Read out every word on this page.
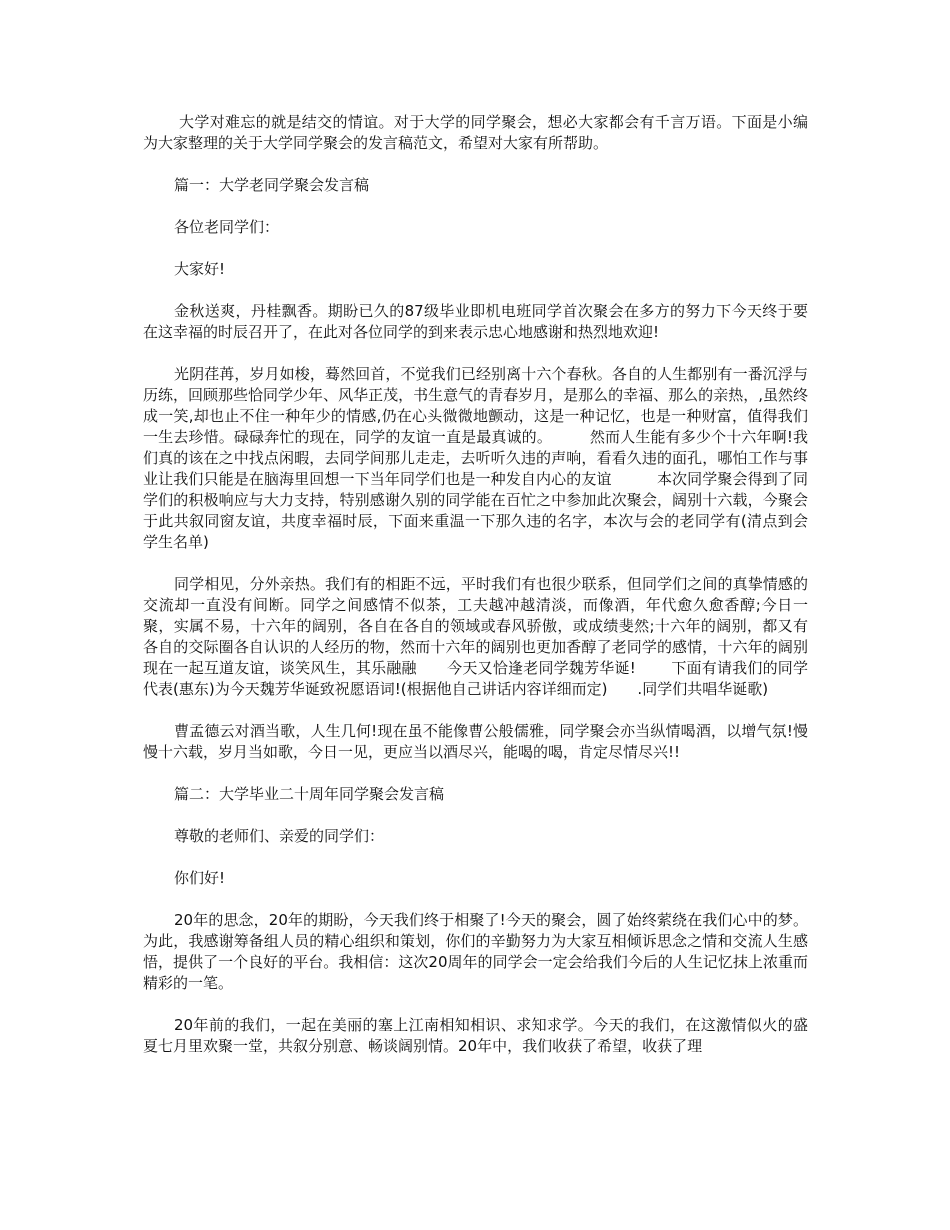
大学对难忘的就是结交的情谊。对于大学的同学聚会，想必大家都会有千言万语。下面是小编为大家整理的关于大学同学聚会的发言稿范文，希望对大家有所帮助。

篇一：大学老同学聚会发言稿

各位老同学们：

大家好!

金秋送爽，丹桂飘香。期盼已久的87级毕业即机电班同学首次聚会在多方的努力下今天终于要在这幸福的时辰召开了，在此对各位同学的到来表示忠心地感谢和热烈地欢迎!

光阴荏苒，岁月如梭，蓦然回首，不觉我们已经别离十六个春秋。各自的人生都别有一番沉浮与历练，回顾那些恰同学少年、风华正茂，书生意气的青春岁月，是那么的幸福、那么的亲热，,虽然终成一笑,却也止不住一种年少的情感,仍在心头微微地颤动，这是一种记忆，也是一种财富，值得我们一生去珍惜。碌碌奔忙的现在，同学的友谊一直是最真诚的。　　　然而人生能有多少个十六年啊!我们真的该在之中找点闲暇，去同学间那儿走走，去听听久违的声响，看看久违的面孔，哪怕工作与事业让我们只能是在脑海里回想一下当年同学们也是一种发自内心的友谊　　　本次同学聚会得到了同学们的积极响应与大力支持，特别感谢久别的同学能在百忙之中参加此次聚会，阔别十六载，今聚会于此共叙同窗友谊，共度幸福时辰，下面来重温一下那久违的名字，本次与会的老同学有(清点到会学生名单)

同学相见，分外亲热。我们有的相距不远，平时我们有也很少联系，但同学们之间的真挚情感的交流却一直没有间断。同学之间感情不似茶，工夫越冲越清淡，而像酒，年代愈久愈香醇;今日一聚，实属不易，十六年的阔别，各自在各自的领域或春风骄傲，或成绩斐然;十六年的阔别，都又有各自的交际圈各自认识的人经历的物，然而十六年的阔别也更加香醇了老同学的感情，十六年的阔别现在一起互道友谊，谈笑风生，其乐融融　　今天又恰逢老同学魏芳华诞!　　 下面有请我们的同学代表(惠东)为今天魏芳华诞致祝愿语词!(根据他自己讲话内容详细而定)　　.同学们共唱华诞歌)

曹孟德云对酒当歌，人生几何!现在虽不能像曹公般儒雅，同学聚会亦当纵情喝酒，以增气氛!慢慢十六载，岁月当如歌，今日一见，更应当以酒尽兴，能喝的喝，肯定尽情尽兴!!

篇二：大学毕业二十周年同学聚会发言稿

尊敬的老师们、亲爱的同学们：

你们好!

20年的思念，20年的期盼，今天我们终于相聚了!今天的聚会，圆了始终萦绕在我们心中的梦。为此，我感谢筹备组人员的精心组织和策划，你们的辛勤努力为大家互相倾诉思念之情和交流人生感悟，提供了一个良好的平台。我相信：这次20周年的同学会一定会给我们今后的人生记忆抹上浓重而精彩的一笔。

20年前的我们，一起在美丽的塞上江南相知相识、求知求学。今天的我们，在这激情似火的盛夏七月里欢聚一堂，共叙分别意、畅谈阔别情。20年中，我们收获了希望，收获了理
